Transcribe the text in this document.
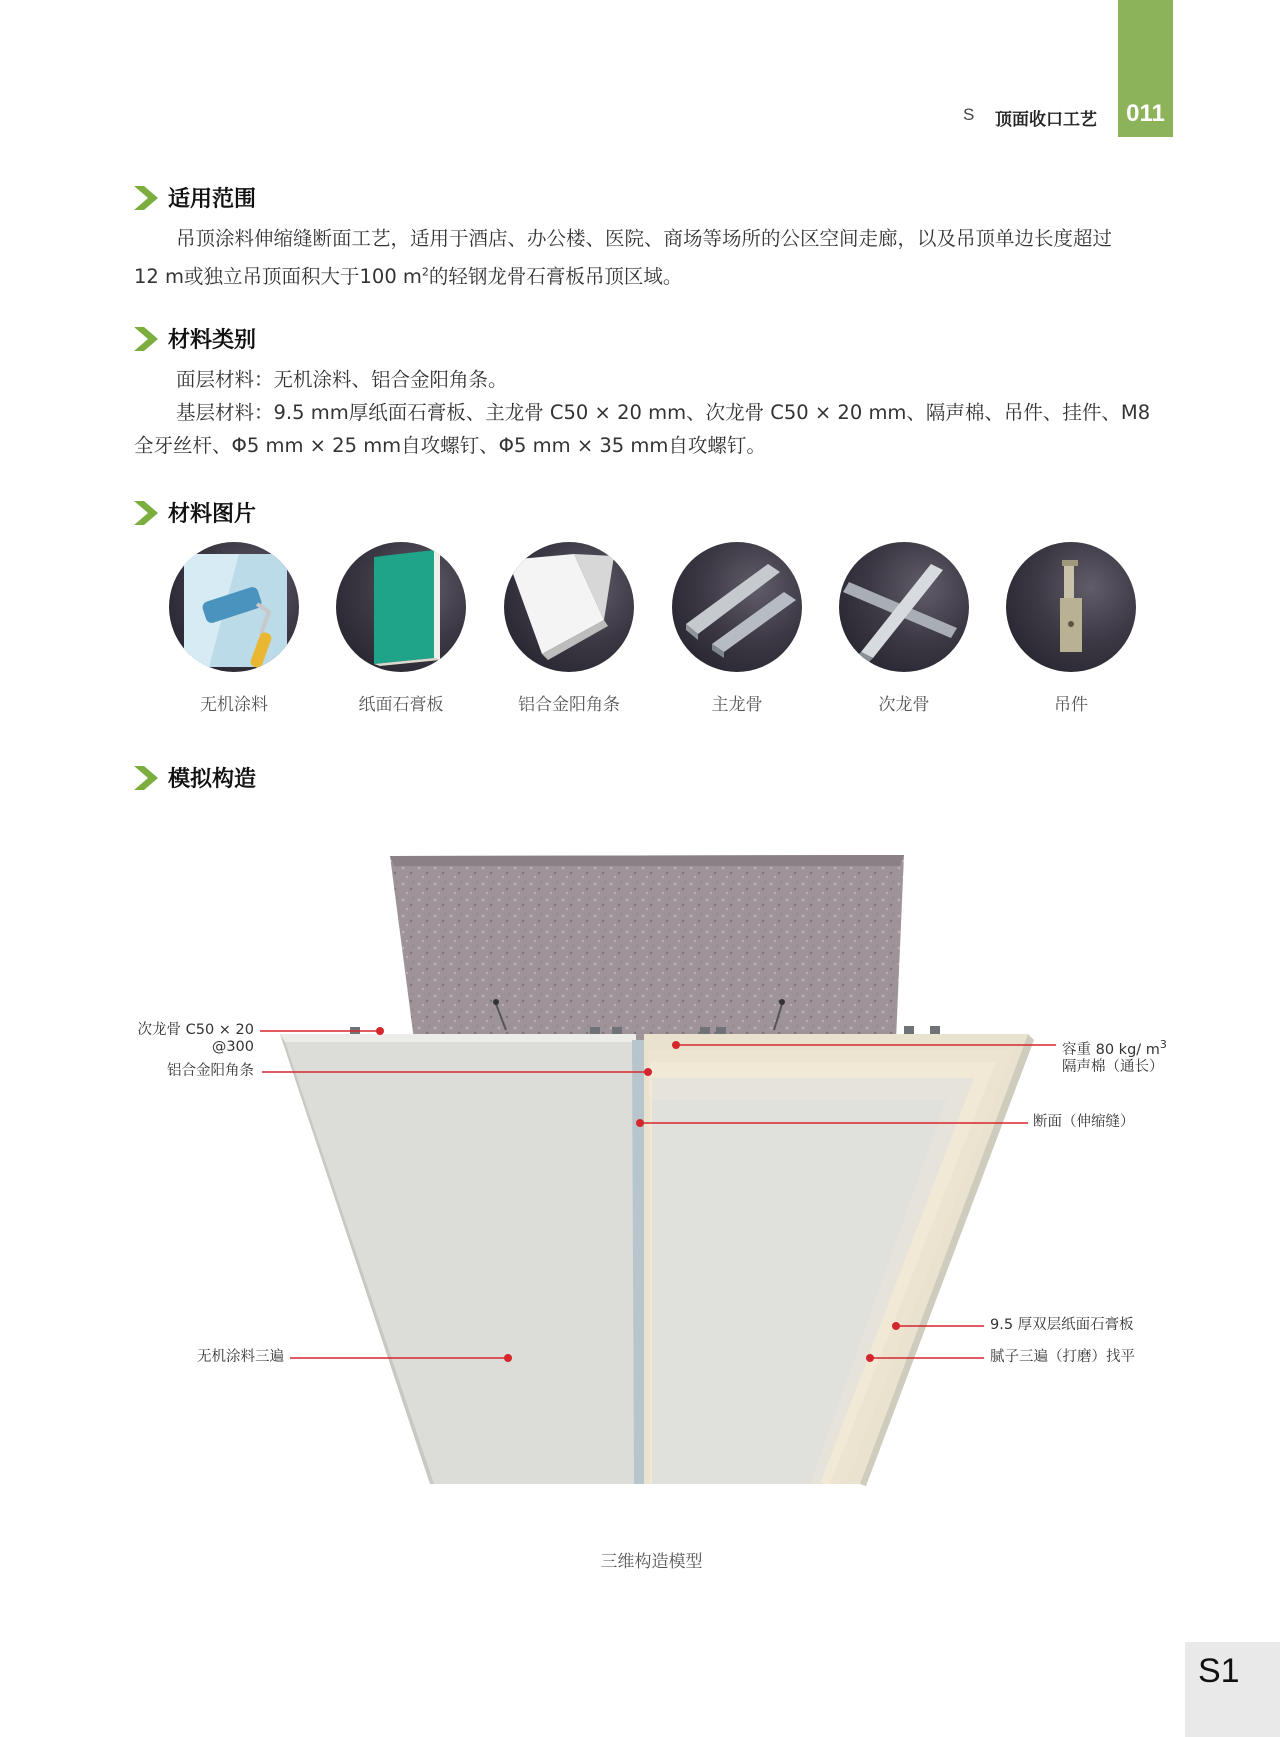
011
S 顶面收口工艺
适用范围
吊顶涂料伸缩缝断面工艺，适用于酒店、办公楼、医院、商场等场所的公区空间走廊，以及吊顶单边长度超过
12 m或独立吊顶面积大于100 $m^2$的轻钢龙骨石膏板吊顶区域。
材料类别
面层材料：无机涂料、铝合金阳角条。
基层材料：9.5 mm厚纸面石膏板、主龙骨 C50 × 20 mm、次龙骨 C50 × 20 mm、隔声棉、吊件、挂件、M8
全牙丝杆、Φ5 mm × 25 mm自攻螺钉、Φ5 mm × 35 mm自攻螺钉。
材料图片
无机涂料	纸面石膏板	铝合金阳角条	主龙骨	次龙骨	吊件
模拟构造
次龙骨 C50 × 20
@300
铝合金阳角条
容重 80 kg/ $m^3$
隔声棉（通长）
断面（伸缩缝）
9.5 厚双层纸面石膏板
腻子三遍（打磨）找平
无机涂料三遍
三维构造模型
S1
